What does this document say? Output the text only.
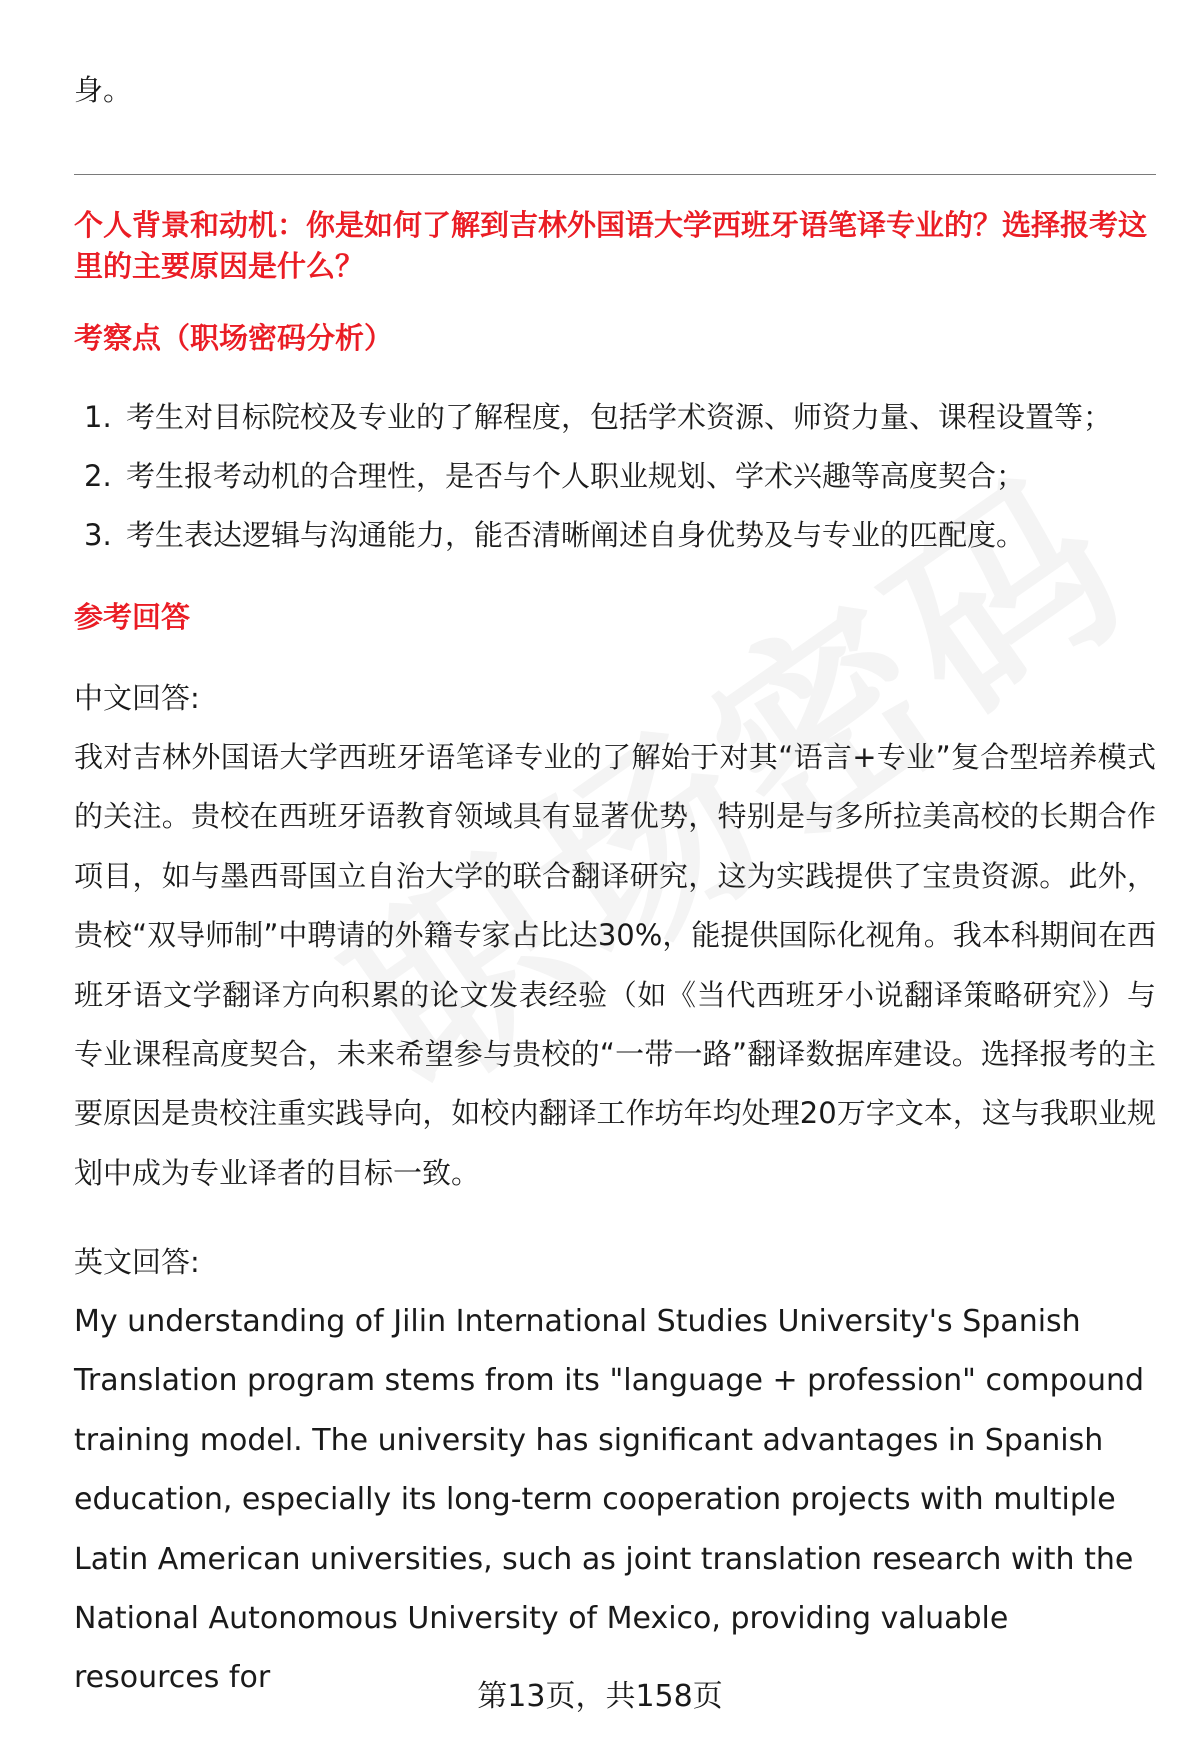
身。
个人背景和动机：你是如何了解到吉林外国语大学西班牙语笔译专业的？选择报考这里的主要原因是什么？
考察点（职场密码分析）
1. 考生对目标院校及专业的了解程度，包括学术资源、师资力量、课程设置等；
2. 考生报考动机的合理性，是否与个人职业规划、学术兴趣等高度契合；
3. 考生表达逻辑与沟通能力，能否清晰阐述自身优势及与专业的匹配度。
参考回答
中文回答:
我对吉林外国语大学西班牙语笔译专业的了解始于对其“语言+专业”复合型培养模式的关注。贵校在西班牙语教育领域具有显著优势，特别是与多所拉美高校的长期合作项目，如与墨西哥国立自治大学的联合翻译研究，这为实践提供了宝贵资源。此外，贵校“双导师制”中聘请的外籍专家占比达30%，能提供国际化视角。我本科期间在西班牙语文学翻译方向积累的论文发表经验（如《当代西班牙小说翻译策略研究》）与专业课程高度契合，未来希望参与贵校的“一带一路”翻译数据库建设。选择报考的主要原因是贵校注重实践导向，如校内翻译工作坊年均处理20万字文本，这与我职业规划中成为专业译者的目标一致。
英文回答:
My understanding of Jilin International Studies University's Spanish Translation program stems from its "language + profession" compound training model. The university has significant advantages in Spanish education, especially its long-term cooperation projects with multiple Latin American universities, such as joint translation research with the National Autonomous University of Mexico, providing valuable resources for
第13页，共158页
